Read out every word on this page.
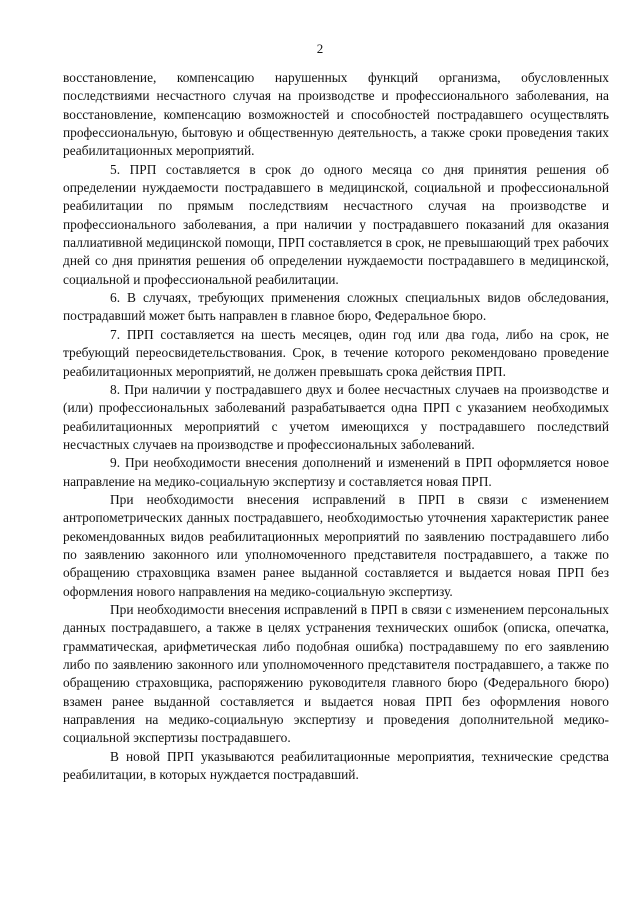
2

восстановление, компенсацию нарушенных функций организма, обусловленных последствиями несчастного случая на производстве и профессионального заболевания, на восстановление, компенсацию возможностей и способностей пострадавшего осуществлять профессиональную, бытовую и общественную деятельность, а также сроки проведения таких реабилитационных мероприятий.

5. ПРП составляется в срок до одного месяца со дня принятия решения об определении нуждаемости пострадавшего в медицинской, социальной и профессиональной реабилитации по прямым последствиям несчастного случая на производстве и профессионального заболевания, а при наличии у пострадавшего показаний для оказания паллиативной медицинской помощи, ПРП составляется в срок, не превышающий трех рабочих дней со дня принятия решения об определении нуждаемости пострадавшего в медицинской, социальной и профессиональной реабилитации.

6. В случаях, требующих применения сложных специальных видов обследования, пострадавший может быть направлен в главное бюро, Федеральное бюро.

7. ПРП составляется на шесть месяцев, один год или два года, либо на срок, не требующий переосвидетельствования. Срок, в течение которого рекомендовано проведение реабилитационных мероприятий, не должен превышать срока действия ПРП.

8. При наличии у пострадавшего двух и более несчастных случаев на производстве и (или) профессиональных заболеваний разрабатывается одна ПРП с указанием необходимых реабилитационных мероприятий с учетом имеющихся у пострадавшего последствий несчастных случаев на производстве и профессиональных заболеваний.

9. При необходимости внесения дополнений и изменений в ПРП оформляется новое направление на медико-социальную экспертизу и составляется новая ПРП.

При необходимости внесения исправлений в ПРП в связи с изменением антропометрических данных пострадавшего, необходимостью уточнения характеристик ранее рекомендованных видов реабилитационных мероприятий по заявлению пострадавшего либо по заявлению законного или уполномоченного представителя пострадавшего, а также по обращению страховщика взамен ранее выданной составляется и выдается новая ПРП без оформления нового направления на медико-социальную экспертизу.

При необходимости внесения исправлений в ПРП в связи с изменением персональных данных пострадавшего, а также в целях устранения технических ошибок (описка, опечатка, грамматическая, арифметическая либо подобная ошибка) пострадавшему по его заявлению либо по заявлению законного или уполномоченного представителя пострадавшего, а также по обращению страховщика, распоряжению руководителя главного бюро (Федерального бюро) взамен ранее выданной составляется и выдается новая ПРП без оформления нового направления на медико-социальную экспертизу и проведения дополнительной медико-социальной экспертизы пострадавшего.

В новой ПРП указываются реабилитационные мероприятия, технические средства реабилитации, в которых нуждается пострадавший.
